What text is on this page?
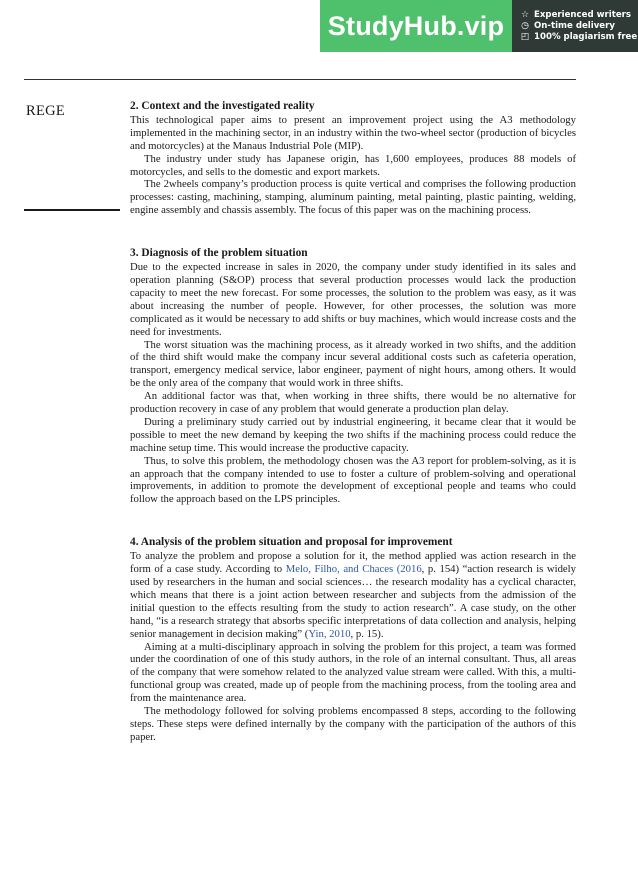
StudyHub.vip	☆ Experienced writers
◷ On-time delivery
◰ 100% plagiarism free
REGE	2. Context and the investigated reality

This technological paper aims to present an improvement project using the A3 methodology implemented in the machining sector, in an industry within the two-wheel sector (production of bicycles and motorcycles) at the Manaus Industrial Pole (MIP).

The industry under study has Japanese origin, has 1,600 employees, produces 88 models of motorcycles, and sells to the domestic and export markets.

The 2wheels company’s production process is quite vertical and comprises the following production processes: casting, machining, stamping, aluminum painting, metal painting, plastic painting, welding, engine assembly and chassis assembly. The focus of this paper was on the machining process.

3. Diagnosis of the problem situation

Due to the expected increase in sales in 2020, the company under study identified in its sales and operation planning (S&OP) process that several production processes would lack the production capacity to meet the new forecast. For some processes, the solution to the problem was easy, as it was about increasing the number of people. However, for other processes, the solution was more complicated as it would be necessary to add shifts or buy machines, which would increase costs and the need for investments.

The worst situation was the machining process, as it already worked in two shifts, and the addition of the third shift would make the company incur several additional costs such as cafeteria operation, transport, emergency medical service, labor engineer, payment of night hours, among others. It would be the only area of the company that would work in three shifts.

An additional factor was that, when working in three shifts, there would be no alternative for production recovery in case of any problem that would generate a production plan delay.

During a preliminary study carried out by industrial engineering, it became clear that it would be possible to meet the new demand by keeping the two shifts if the machining process could reduce the machine setup time. This would increase the productive capacity.

Thus, to solve this problem, the methodology chosen was the A3 report for problem-solving, as it is an approach that the company intended to use to foster a culture of problem-solving and operational improvements, in addition to promote the development of exceptional people and teams who could follow the approach based on the LPS principles.

4. Analysis of the problem situation and proposal for improvement

To analyze the problem and propose a solution for it, the method applied was action research in the form of a case study. According to Melo, Filho, and Chaces (2016, p. 154) “action research is widely used by researchers in the human and social sciences… the research modality has a cyclical character, which means that there is a joint action between researcher and subjects from the admission of the initial question to the effects resulting from the study to action research”. A case study, on the other hand, “is a research strategy that absorbs specific interpretations of data collection and analysis, helping senior management in decision making” (Yin, 2010, p. 15).

Aiming at a multi-disciplinary approach in solving the problem for this project, a team was formed under the coordination of one of this study authors, in the role of an internal consultant. Thus, all areas of the company that were somehow related to the analyzed value stream were called. With this, a multi-functional group was created, made up of people from the machining process, from the tooling area and from the maintenance area.

The methodology followed for solving problems encompassed 8 steps, according to the following steps. These steps were defined internally by the company with the participation of the authors of this paper.
